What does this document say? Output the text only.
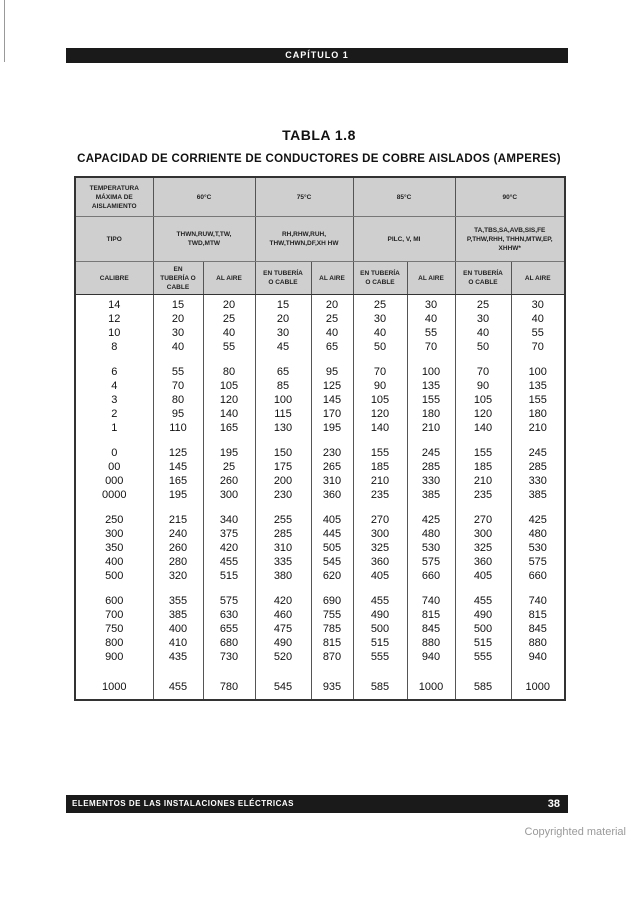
CAPÍTULO 1
TABLA 1.8
CAPACIDAD DE CORRIENTE DE CONDUCTORES DE COBRE AISLADOS (AMPERES)
TEMPERATURA MÁXIMA DE AISLAMIENTO	60°C		75°C		85°C		90°C	
TIPO	THWN,RUW,T,TW, TWD,MTW		RH,RHW,RUH, THW,THWN,DF,XH HW		PILC, V, MI		TA,TBS,SA,AVB,SIS,FE P,THW,RHH, THHN,MTW,EP, XHHW*	
CALIBRE	EN TUBERÍA O CABLE	AL AIRE	EN TUBERÍA O CABLE	AL AIRE	EN TUBERÍA O CABLE	AL AIRE	EN TUBERÍA O CABLE	AL AIRE
14	15	20	15	20	25	30	25	30
12	20	25	20	25	30	40	30	40
10	30	40	30	40	40	55	40	55
8	40	55	45	65	50	70	50	70

6	55	80	65	95	70	100	70	100
4	70	105	85	125	90	135	90	135
3	80	120	100	145	105	155	105	155
2	95	140	115	170	120	180	120	180
1	110	165	130	195	140	210	140	210

0	125	195	150	230	155	245	155	245
00	145	25	175	265	185	285	185	285
000	165	260	200	310	210	330	210	330
0000	195	300	230	360	235	385	235	385

250	215	340	255	405	270	425	270	425
300	240	375	285	445	300	480	300	480
350	260	420	310	505	325	530	325	530
400	280	455	335	545	360	575	360	575
500	320	515	380	620	405	660	405	660

600	355	575	420	690	455	740	455	740
700	385	630	460	755	490	815	490	815
750	400	655	475	785	500	845	500	845
800	410	680	490	815	515	880	515	880
900	435	730	520	870	555	940	555	940

1000	455	780	545	935	585	1000	585	1000
ELEMENTOS DE LAS INSTALACIONES ELÉCTRICAS	38
Copyrighted material
